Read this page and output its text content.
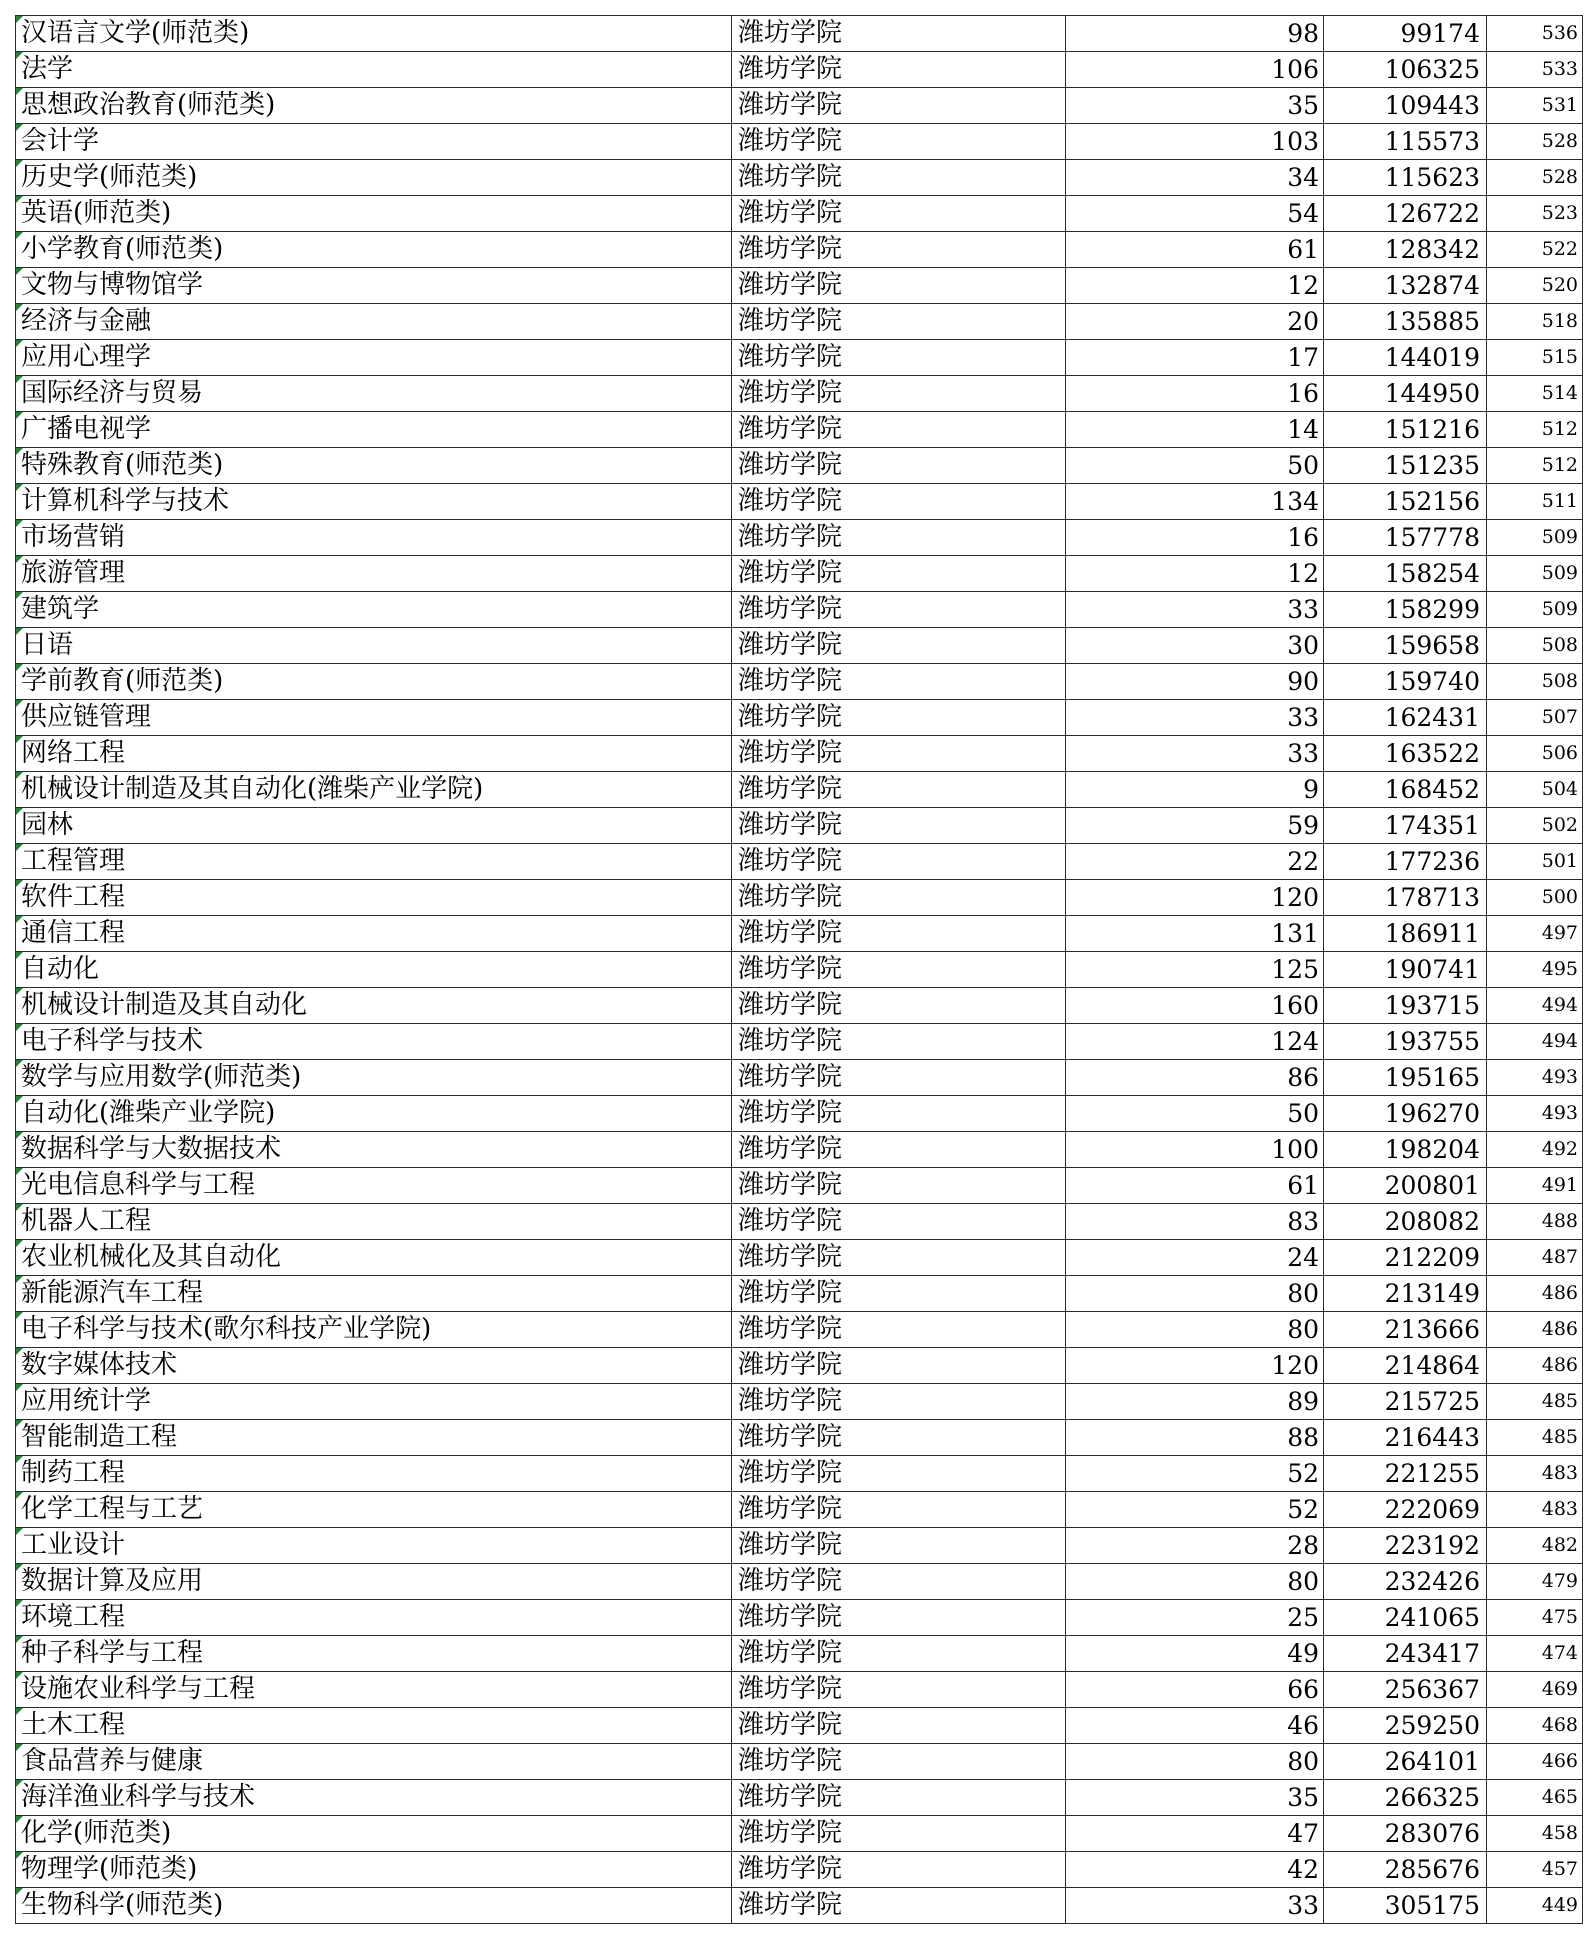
汉语言文学(师范类)	潍坊学院	98	99174	536
法学	潍坊学院	106	106325	533
思想政治教育(师范类)	潍坊学院	35	109443	531
会计学	潍坊学院	103	115573	528
历史学(师范类)	潍坊学院	34	115623	528
英语(师范类)	潍坊学院	54	126722	523
小学教育(师范类)	潍坊学院	61	128342	522
文物与博物馆学	潍坊学院	12	132874	520
经济与金融	潍坊学院	20	135885	518
应用心理学	潍坊学院	17	144019	515
国际经济与贸易	潍坊学院	16	144950	514
广播电视学	潍坊学院	14	151216	512
特殊教育(师范类)	潍坊学院	50	151235	512
计算机科学与技术	潍坊学院	134	152156	511
市场营销	潍坊学院	16	157778	509
旅游管理	潍坊学院	12	158254	509
建筑学	潍坊学院	33	158299	509
日语	潍坊学院	30	159658	508
学前教育(师范类)	潍坊学院	90	159740	508
供应链管理	潍坊学院	33	162431	507
网络工程	潍坊学院	33	163522	506
机械设计制造及其自动化(潍柴产业学院)	潍坊学院	9	168452	504
园林	潍坊学院	59	174351	502
工程管理	潍坊学院	22	177236	501
软件工程	潍坊学院	120	178713	500
通信工程	潍坊学院	131	186911	497
自动化	潍坊学院	125	190741	495
机械设计制造及其自动化	潍坊学院	160	193715	494
电子科学与技术	潍坊学院	124	193755	494
数学与应用数学(师范类)	潍坊学院	86	195165	493
自动化(潍柴产业学院)	潍坊学院	50	196270	493
数据科学与大数据技术	潍坊学院	100	198204	492
光电信息科学与工程	潍坊学院	61	200801	491
机器人工程	潍坊学院	83	208082	488
农业机械化及其自动化	潍坊学院	24	212209	487
新能源汽车工程	潍坊学院	80	213149	486
电子科学与技术(歌尔科技产业学院)	潍坊学院	80	213666	486
数字媒体技术	潍坊学院	120	214864	486
应用统计学	潍坊学院	89	215725	485
智能制造工程	潍坊学院	88	216443	485
制药工程	潍坊学院	52	221255	483
化学工程与工艺	潍坊学院	52	222069	483
工业设计	潍坊学院	28	223192	482
数据计算及应用	潍坊学院	80	232426	479
环境工程	潍坊学院	25	241065	475
种子科学与工程	潍坊学院	49	243417	474
设施农业科学与工程	潍坊学院	66	256367	469
土木工程	潍坊学院	46	259250	468
食品营养与健康	潍坊学院	80	264101	466
海洋渔业科学与技术	潍坊学院	35	266325	465
化学(师范类)	潍坊学院	47	283076	458
物理学(师范类)	潍坊学院	42	285676	457
生物科学(师范类)	潍坊学院	33	305175	449
